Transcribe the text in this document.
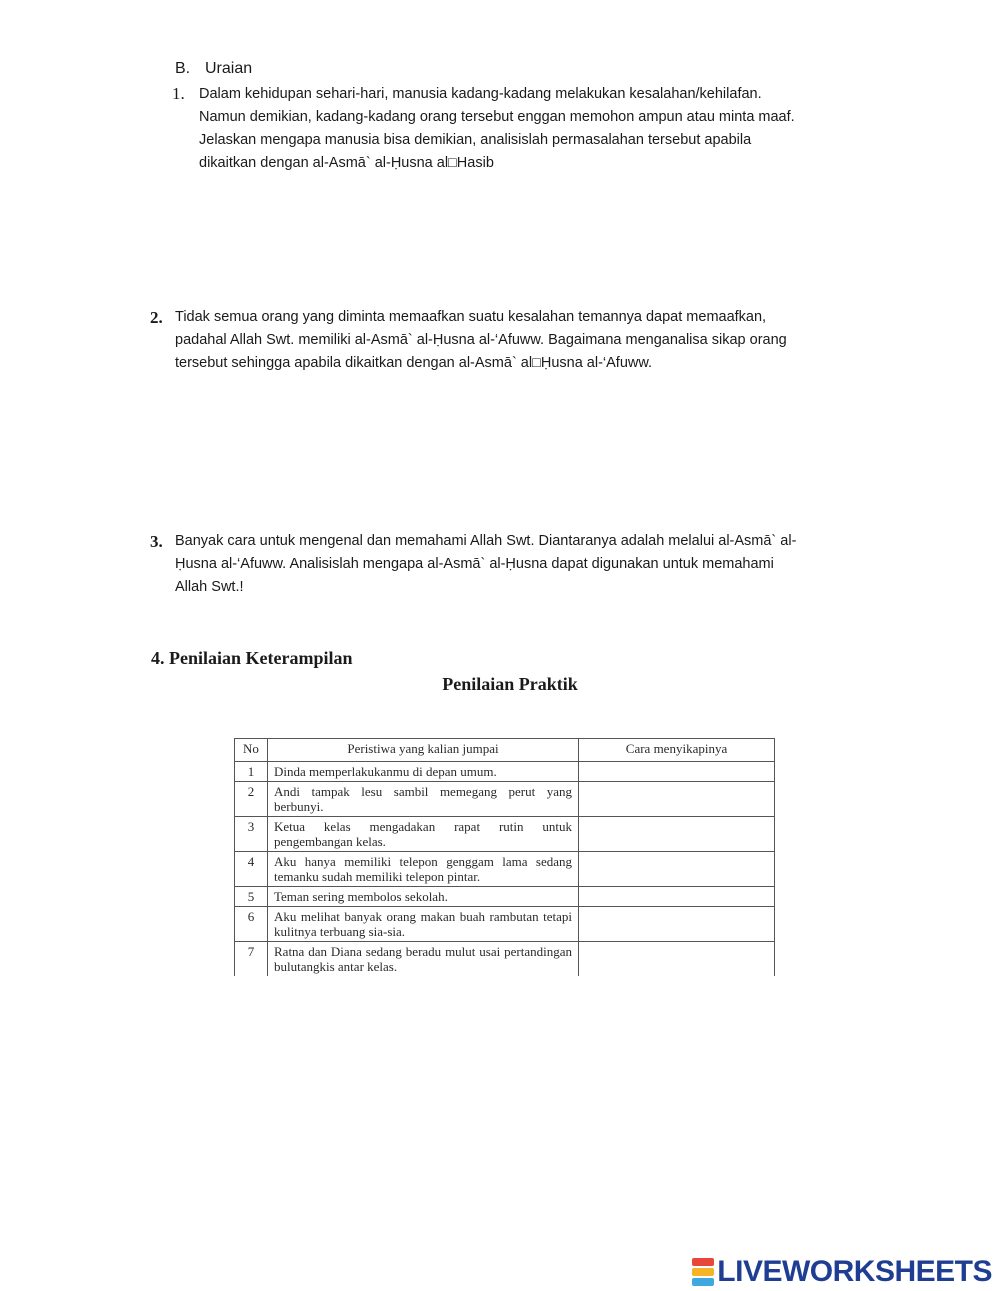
B. Uraian
1. Dalam kehidupan sehari-hari, manusia kadang-kadang melakukan kesalahan/kehilafan.
Namun demikian, kadang-kadang orang tersebut enggan memohon ampun atau minta maaf.
Jelaskan mengapa manusia bisa demikian, analisislah permasalahan tersebut apabila
dikaitkan dengan al-Asmā` al-Ḥusna al□Hasib
2. Tidak semua orang yang diminta memaafkan suatu kesalahan temannya dapat memaafkan,
padahal Allah Swt. memiliki al-Asmā` al-Ḥusna al-‘Afuww. Bagaimana menganalisa sikap orang
tersebut sehingga apabila dikaitkan dengan al-Asmā` al□Ḥusna al-‘Afuww.
3. Banyak cara untuk mengenal dan memahami Allah Swt. Diantaranya adalah melalui al-Asmā` al-
Ḥusna al-‘Afuww. Analisislah mengapa al-Asmā` al-Ḥusna dapat digunakan untuk memahami
Allah Swt.!
4. Penilaian Keterampilan
Penilaian Praktik
No	Peristiwa yang kalian jumpai	Cara menyikapinya
1	Dinda memperlakukanmu di depan umum.	
2	Andi tampak lesu sambil memegang perut yang berbunyi.	
3	Ketua kelas mengadakan rapat rutin untuk pengembangan kelas.	
4	Aku hanya memiliki telepon genggam lama sedang temanku sudah memiliki telepon pintar.	
5	Teman sering membolos sekolah.	
6	Aku melihat banyak orang makan buah rambutan tetapi kulitnya terbuang sia-sia.	
7	Ratna dan Diana sedang beradu mulut usai pertandingan bulutangkis antar kelas.	
LIVEWORKSHEETS
